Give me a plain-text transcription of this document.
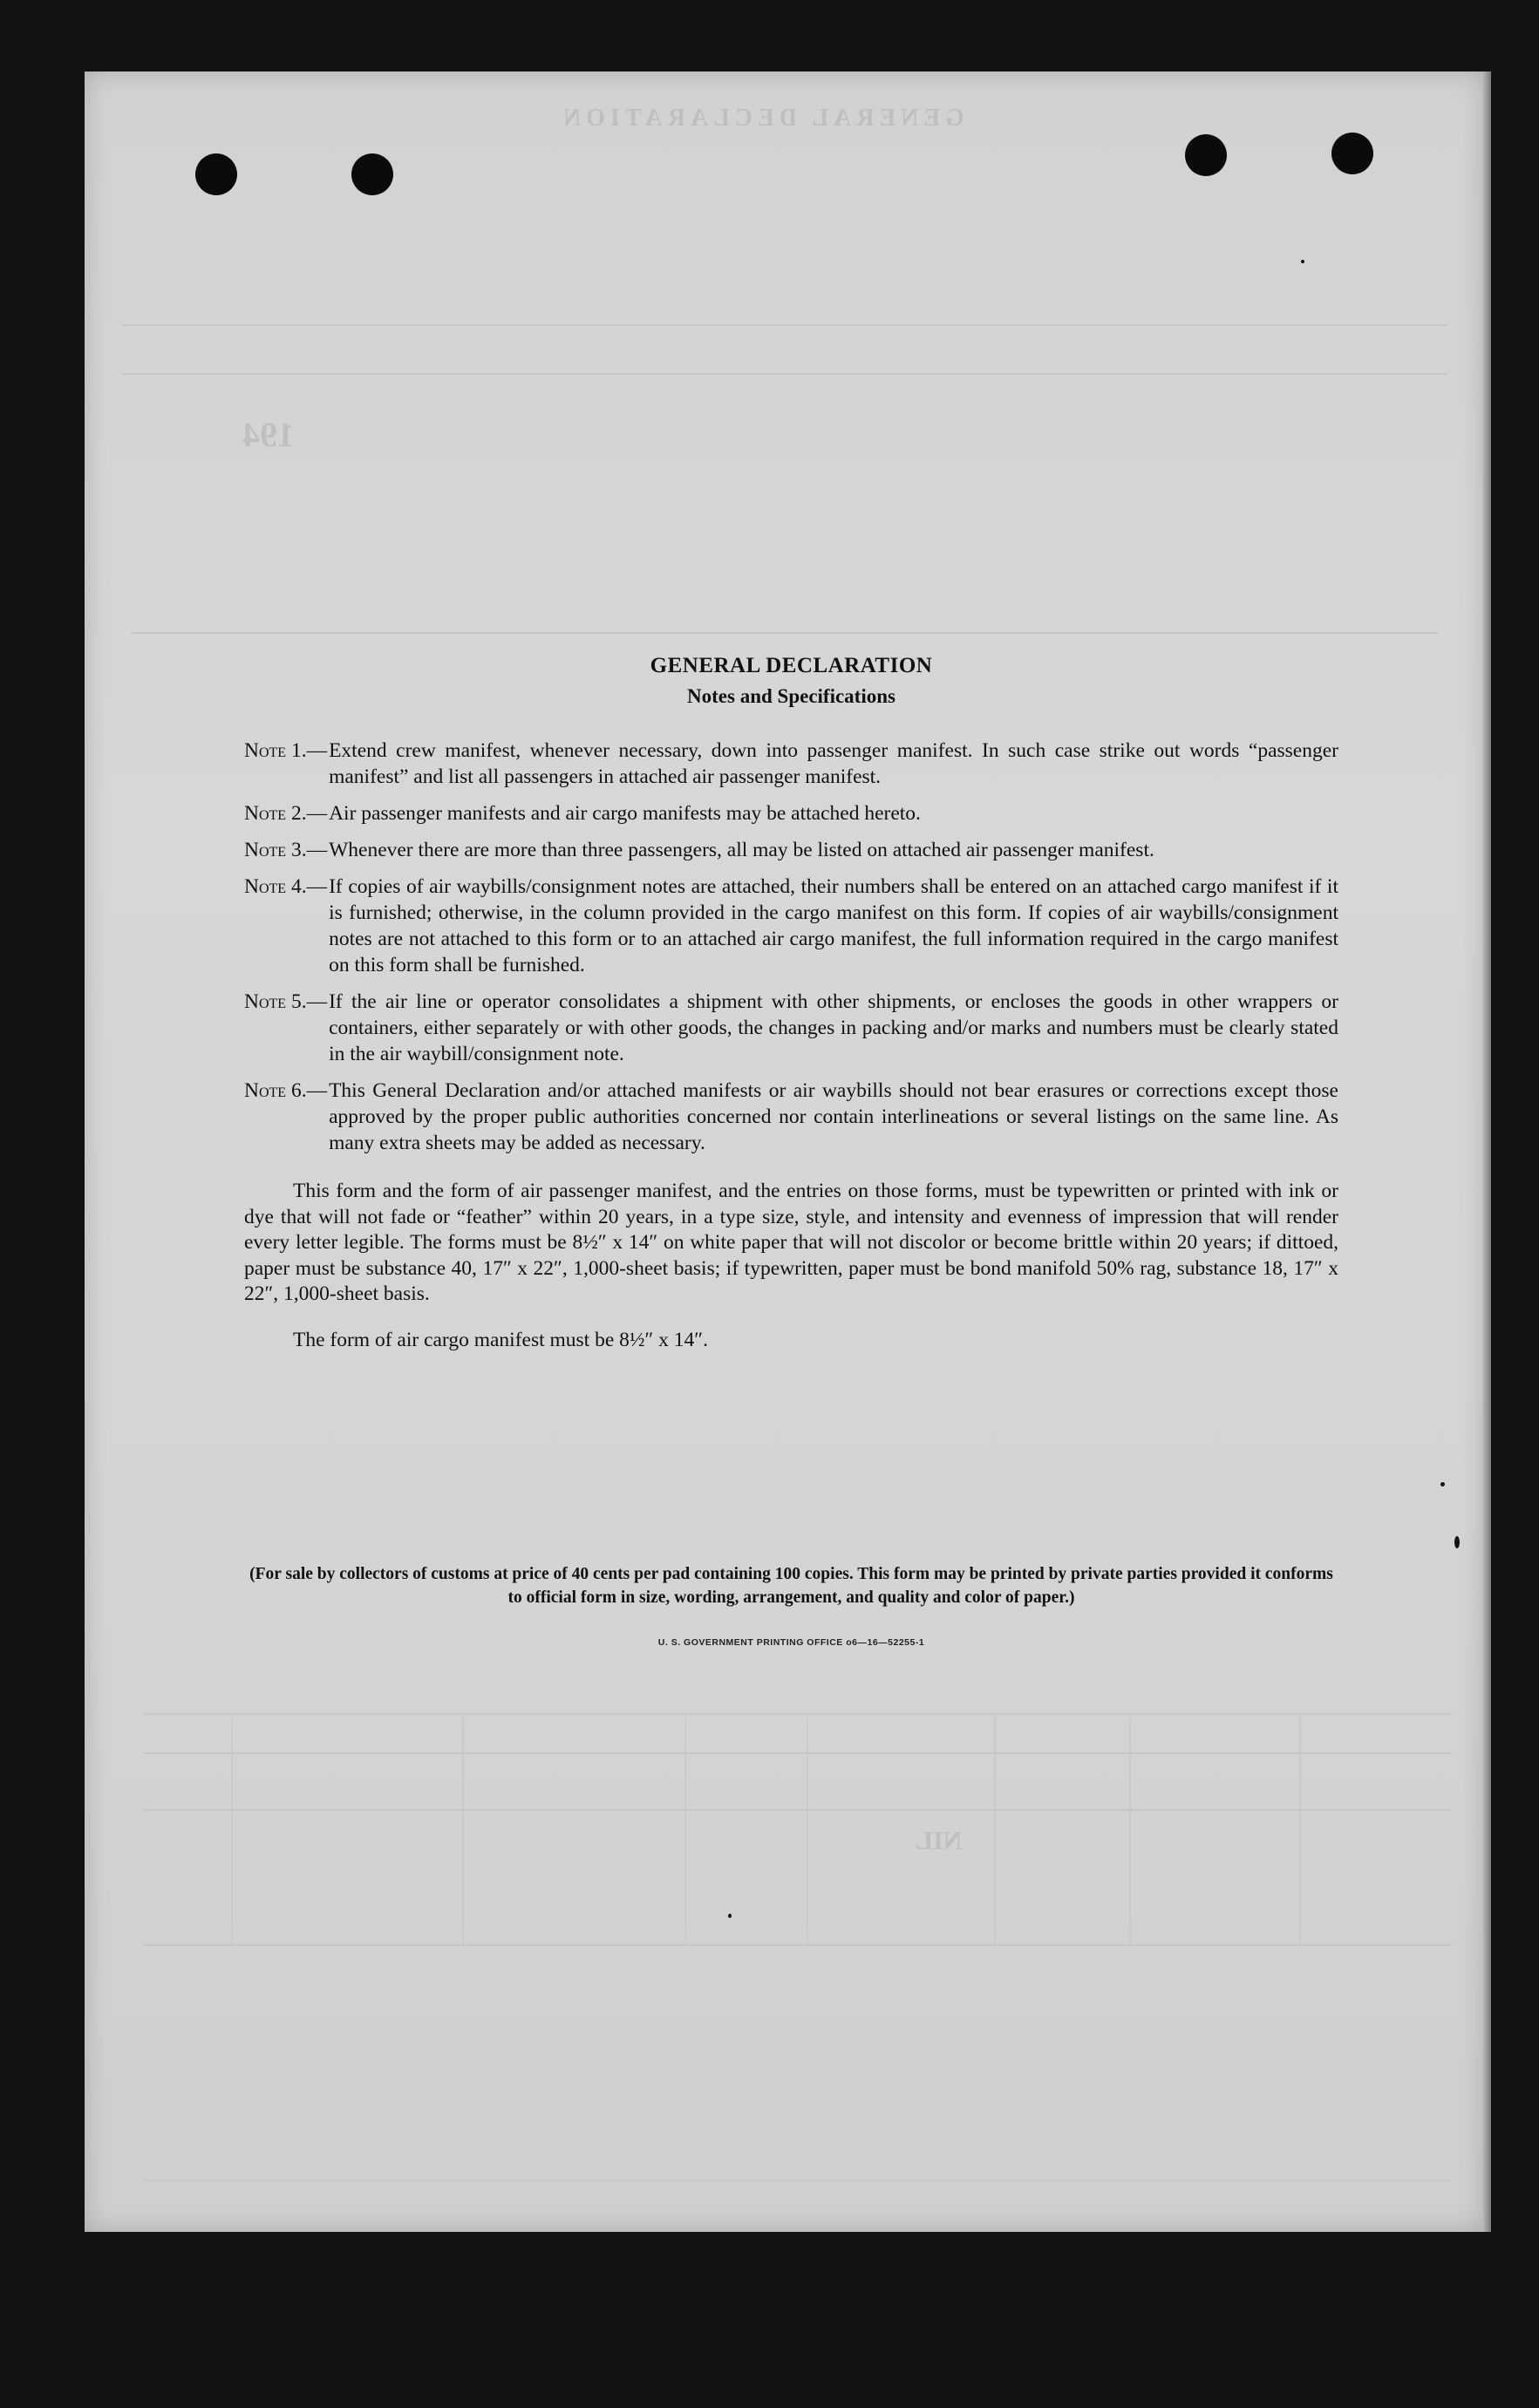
GENERAL DECLARATION
194
NIL
GENERAL DECLARATION
Notes and Specifications
Note 1.— Extend crew manifest, whenever necessary, down into passenger manifest. In such case strike out words “passenger manifest” and list all passengers in attached air passenger manifest.
Note 2.— Air passenger manifests and air cargo manifests may be attached hereto.
Note 3.— Whenever there are more than three passengers, all may be listed on attached air passenger manifest.
Note 4.— If copies of air waybills/consignment notes are attached, their numbers shall be entered on an attached cargo manifest if it is furnished; otherwise, in the column provided in the cargo manifest on this form. If copies of air waybills/consignment notes are not attached to this form or to an attached air cargo manifest, the full information required in the cargo manifest on this form shall be furnished.
Note 5.— If the air line or operator consolidates a shipment with other shipments, or encloses the goods in other wrappers or containers, either separately or with other goods, the changes in packing and/or marks and numbers must be clearly stated in the air waybill/consignment note.
Note 6.— This General Declaration and/or attached manifests or air waybills should not bear erasures or corrections except those approved by the proper public authorities concerned nor contain interlineations or several listings on the same line. As many extra sheets may be added as necessary.

This form and the form of air passenger manifest, and the entries on those forms, must be typewritten or printed with ink or dye that will not fade or “feather” within 20 years, in a type size, style, and intensity and evenness of impression that will render every letter legible. The forms must be 8½″ x 14″ on white paper that will not discolor or become brittle within 20 years; if dittoed, paper must be substance 40, 17″ x 22″, 1,000-sheet basis; if typewritten, paper must be bond manifold 50% rag, substance 18, 17″ x 22″, 1,000-sheet basis.

The form of air cargo manifest must be 8½″ x 14″.

(For sale by collectors of customs at price of 40 cents per pad containing 100 copies. This form may be printed by private parties provided it conforms to official form in size, wording, arrangement, and quality and color of paper.)
U. S. GOVERNMENT PRINTING OFFICE o6—16—52255-1
